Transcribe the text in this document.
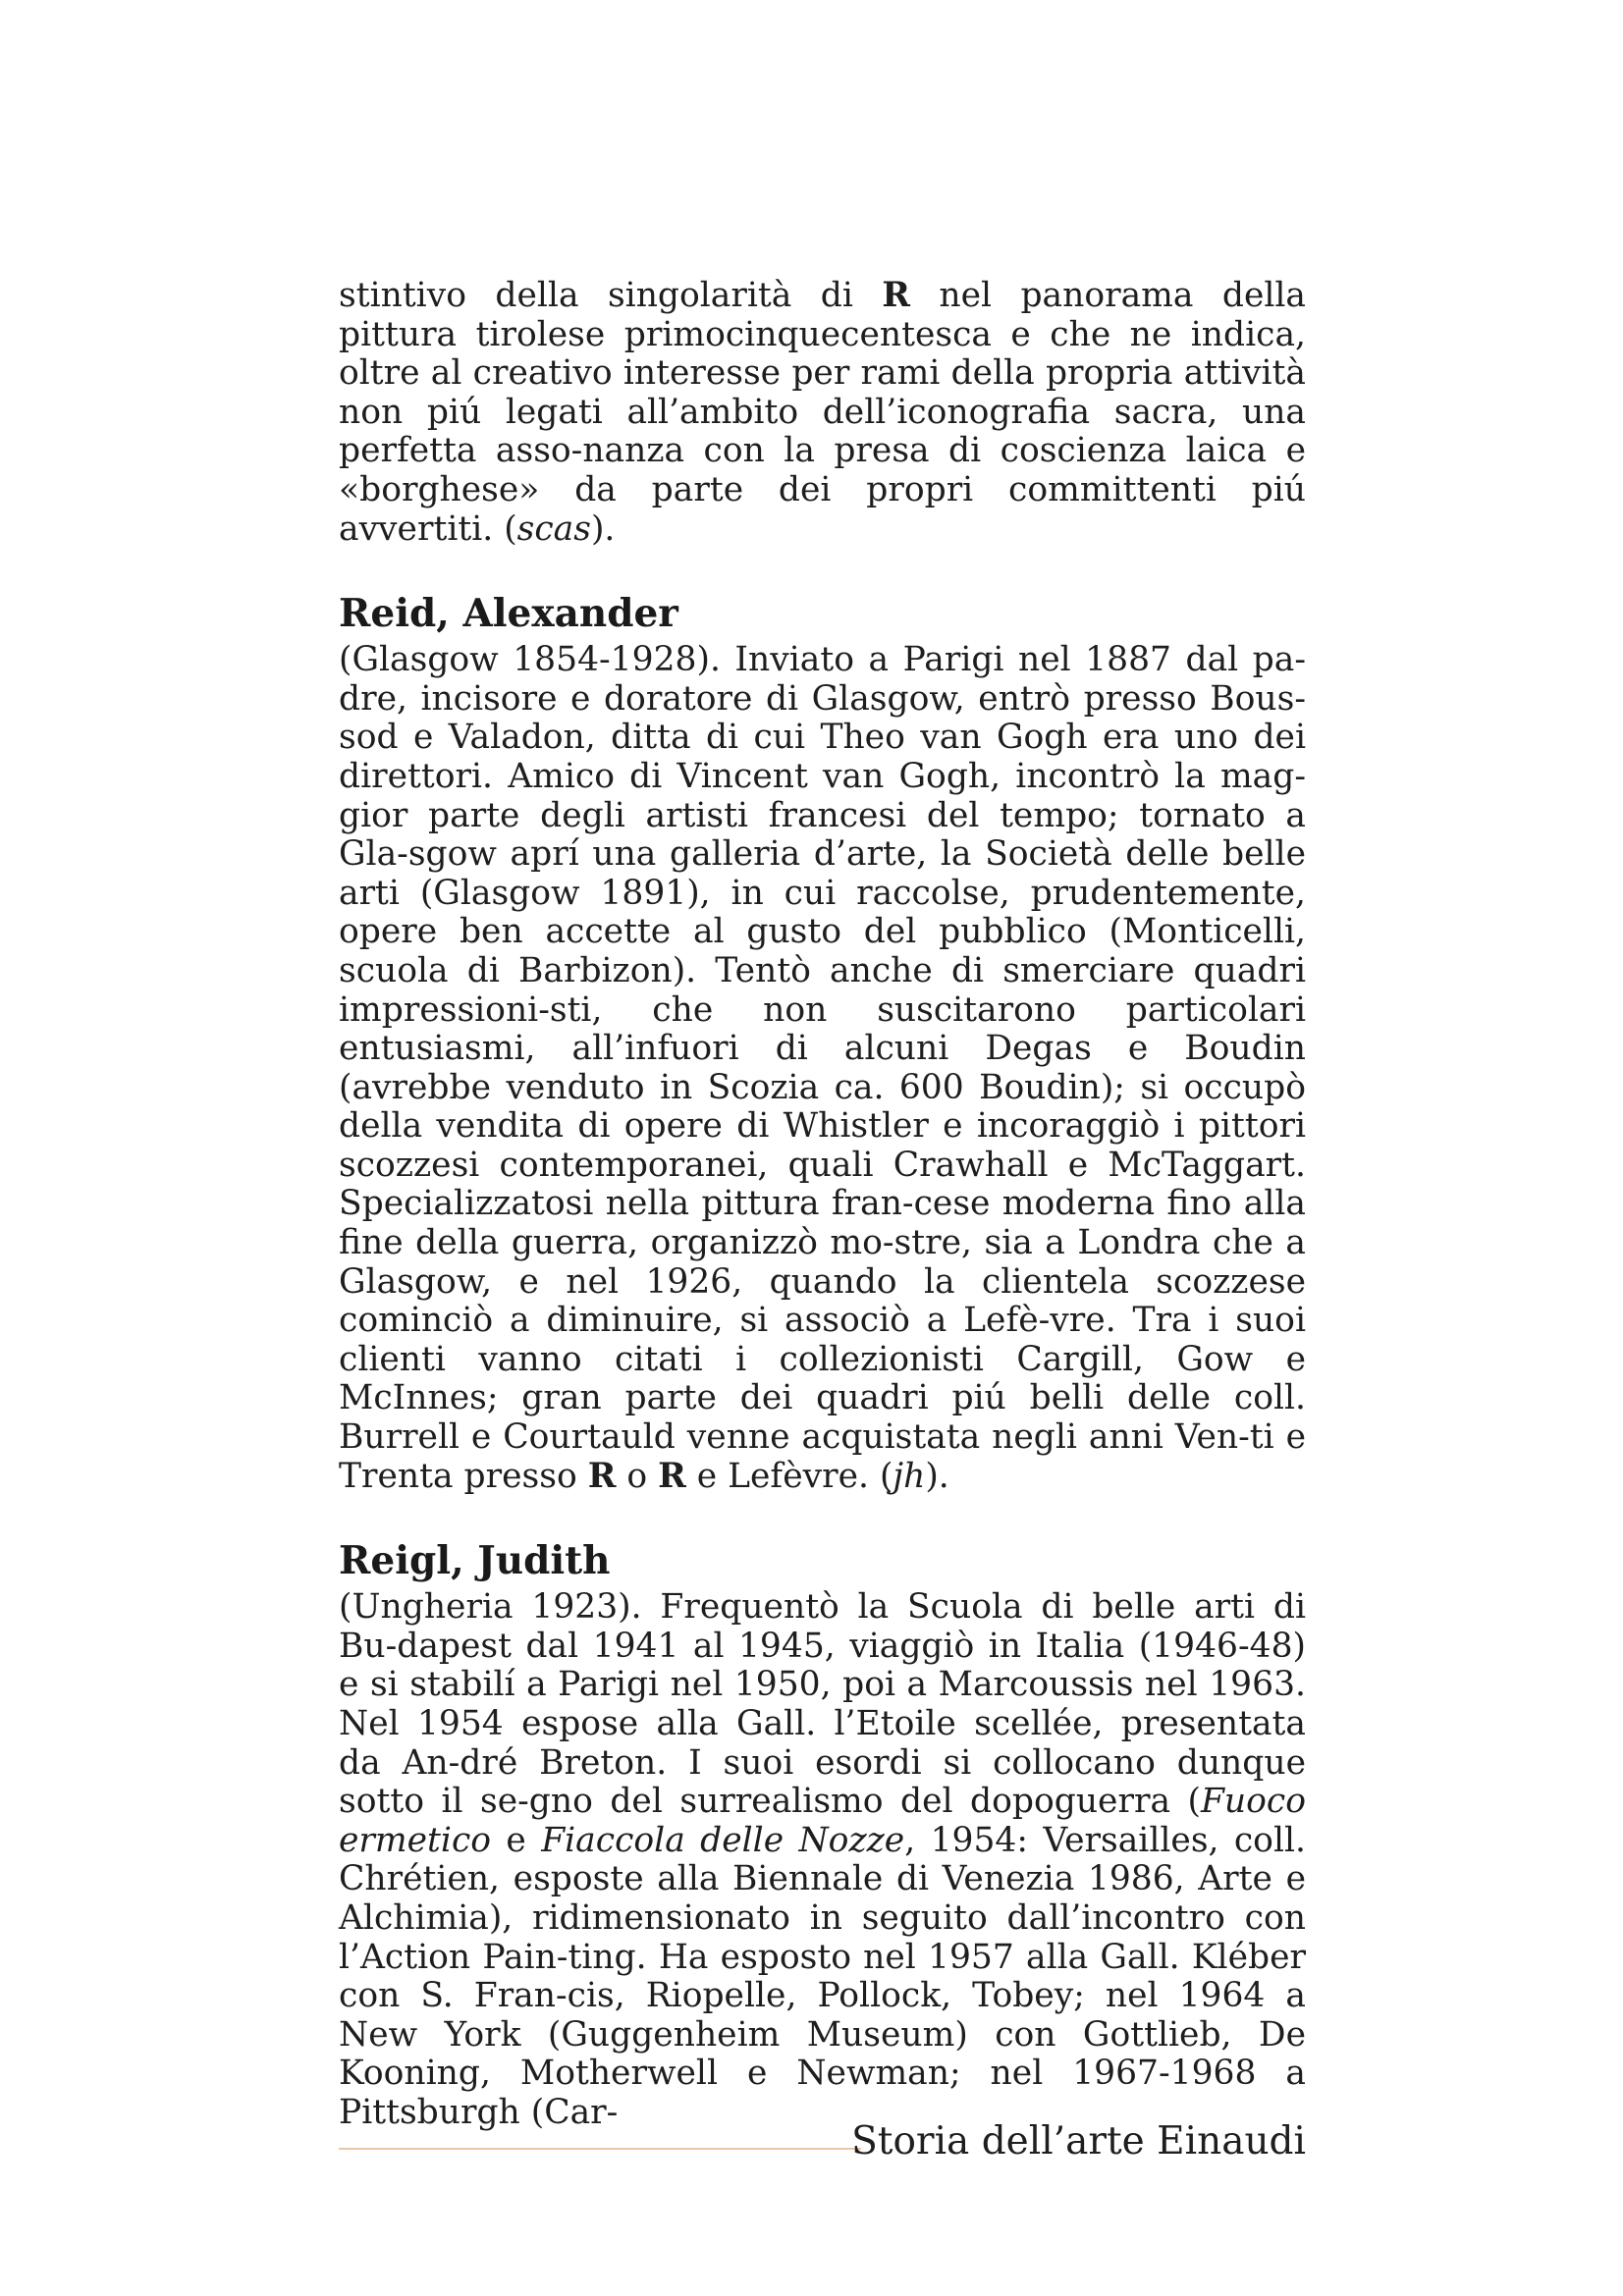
stintivo della singolarità di R nel panorama della pittura tirolese primocinquecentesca e che ne indica, oltre al creativo interesse per rami della propria attività non piú legati all’ambito dell’iconografia sacra, una perfetta asso-nanza con la presa di coscienza laica e «borghese» da parte dei propri committenti piú avvertiti. (scas).

Reid, Alexander

(Glasgow 1854-1928). Inviato a Parigi nel 1887 dal pa-dre, incisore e doratore di Glasgow, entrò presso Bous-sod e Valadon, ditta di cui Theo van Gogh era uno dei direttori. Amico di Vincent van Gogh, incontrò la mag-gior parte degli artisti francesi del tempo; tornato a Gla-sgow aprí una galleria d’arte, la Società delle belle arti (Glasgow 1891), in cui raccolse, prudentemente, opere ben accette al gusto del pubblico (Monticelli, scuola di Barbizon). Tentò anche di smerciare quadri impressioni-sti, che non suscitarono particolari entusiasmi, all’infuori di alcuni Degas e Boudin (avrebbe venduto in Scozia ca. 600 Boudin); si occupò della vendita di opere di Whistler e incoraggiò i pittori scozzesi contemporanei, quali Crawhall e McTaggart. Specializzatosi nella pittura fran-cese moderna fino alla fine della guerra, organizzò mo-stre, sia a Londra che a Glasgow, e nel 1926, quando la clientela scozzese cominciò a diminuire, si associò a Lefè-vre. Tra i suoi clienti vanno citati i collezionisti Cargill, Gow e McInnes; gran parte dei quadri piú belli delle coll. Burrell e Courtauld venne acquistata negli anni Ven-ti e Trenta presso R o R e Lefèvre. (jh).

Reigl, Judith

(Ungheria 1923). Frequentò la Scuola di belle arti di Bu-dapest dal 1941 al 1945, viaggiò in Italia (1946-48) e si stabilí a Parigi nel 1950, poi a Marcoussis nel 1963. Nel 1954 espose alla Gall. l’Etoile scellée, presentata da An-dré Breton. I suoi esordi si collocano dunque sotto il se-gno del surrealismo del dopoguerra (Fuoco ermetico e Fiaccola delle Nozze, 1954: Versailles, coll. Chrétien, esposte alla Biennale di Venezia 1986, Arte e Alchimia), ridimensionato in seguito dall’incontro con l’Action Pain-ting. Ha esposto nel 1957 alla Gall. Kléber con S. Fran-cis, Riopelle, Pollock, Tobey; nel 1964 a New York (Guggenheim Museum) con Gottlieb, De Kooning, Motherwell e Newman; nel 1967-1968 a Pittsburgh (Car-

Storia dell’arte Einaudi
